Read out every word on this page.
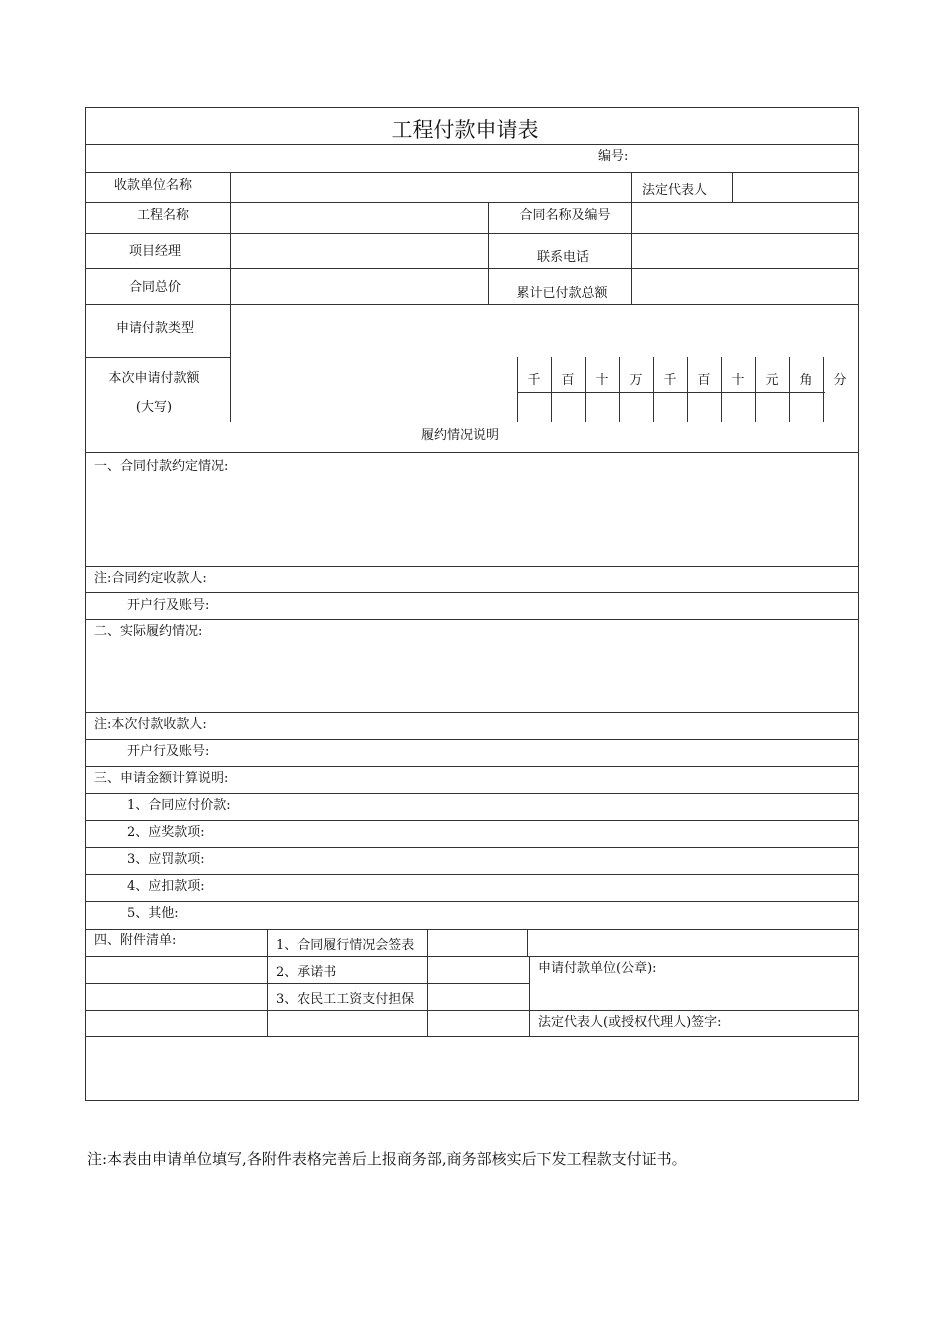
工程付款申请表
编号:
收款单位名称	法定代表人
工程名称	合同名称及编号
项目经理	联系电话
合同总价	累计已付款总额
申请付款类型
本次申请付款额
(大写)
千 百 十 万 千 百 十 元 角 分
履约情况说明
一、合同付款约定情况:
注:合同约定收款人:
开户行及账号:
二、实际履约情况:
注:本次付款收款人:
开户行及账号:
三、申请金额计算说明:
1、合同应付价款:
2、应奖款项:
3、应罚款项:
4、应扣款项:
5、其他:
四、附件清单:	1、合同履行情况会签表
2、承诺书
3、农民工工资支付担保
申请付款单位(公章):
法定代表人(或授权代理人)签字:
注:本表由申请单位填写,各附件表格完善后上报商务部,商务部核实后下发工程款支付证书。
